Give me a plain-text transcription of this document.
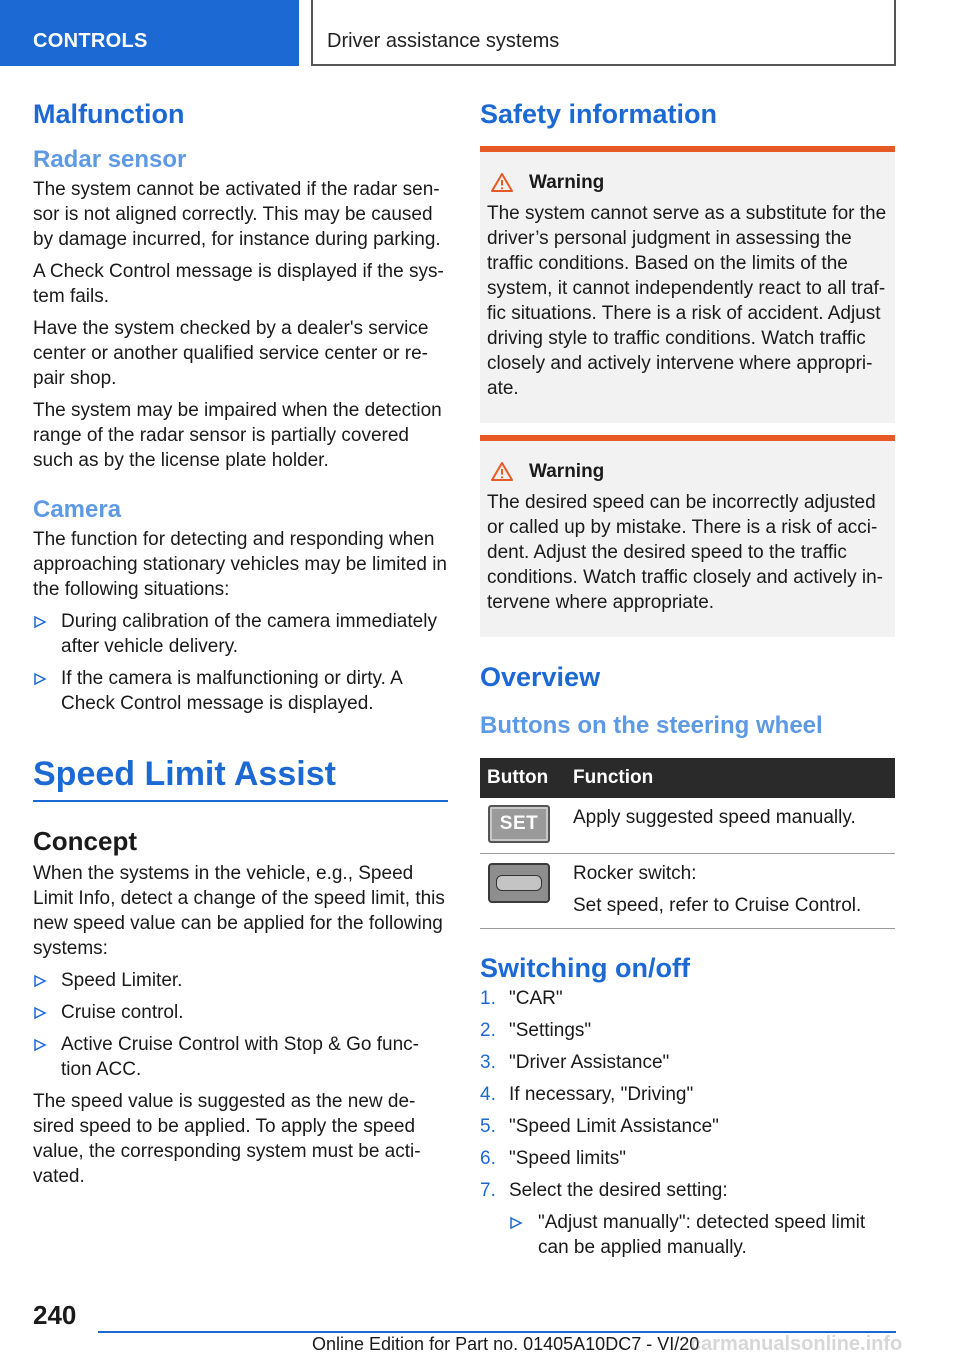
CONTROLS	Driver assistance systems
Malfunction
Radar sensor

The system cannot be activated if the radar sen‐sor is not aligned correctly. This may be caused by damage incurred, for instance during parking.

A Check Control message is displayed if the sys‐tem fails.

Have the system checked by a dealer's service center or another qualified service center or re‐pair shop.

The system may be impaired when the detection range of the radar sensor is partially covered such as by the license plate holder.

Camera

The function for detecting and responding when approaching stationary vehicles may be limited in the following situations:

During calibration of the camera immediately after vehicle delivery.
If the camera is malfunctioning or dirty. A Check Control message is displayed.
Speed Limit Assist
Concept

When the systems in the vehicle, e.g., Speed Limit Info, detect a change of the speed limit, this new speed value can be applied for the following systems:

Speed Limiter.
Cruise control.
Active Cruise Control with Stop & Go func‐tion ACC.

The speed value is suggested as the new de‐sired speed to be applied. To apply the speed value, the corresponding system must be acti‐vated.

Safety information
Warning

The system cannot serve as a substitute for the driver’s personal judgment in assessing the traffic conditions. Based on the limits of the system, it cannot independently react to all traf‐fic situations. There is a risk of accident. Adjust driving style to traffic conditions. Watch traffic closely and actively intervene where appropri‐ate.

Warning

The desired speed can be incorrectly adjusted or called up by mistake. There is a risk of acci‐dent. Adjust the desired speed to the traffic conditions. Watch traffic closely and actively in‐tervene where appropriate.

Overview
Buttons on the steering wheel
Button	Function

SET	Apply suggested speed manually.

	Rocker switch:
Set speed, refer to Cruise Control.
Switching on/off
1. "CAR"
2. "Settings"
3. "Driver Assistance"
4. If necessary, "Driving"
5. "Speed Limit Assistance"
6. "Speed limits"
7. Select the desired setting:
"Adjust manually": detected speed limit can be applied manually.
240
Online Edition for Part no. 01405A10DC7 - VI/20
carmanualsonline.info
